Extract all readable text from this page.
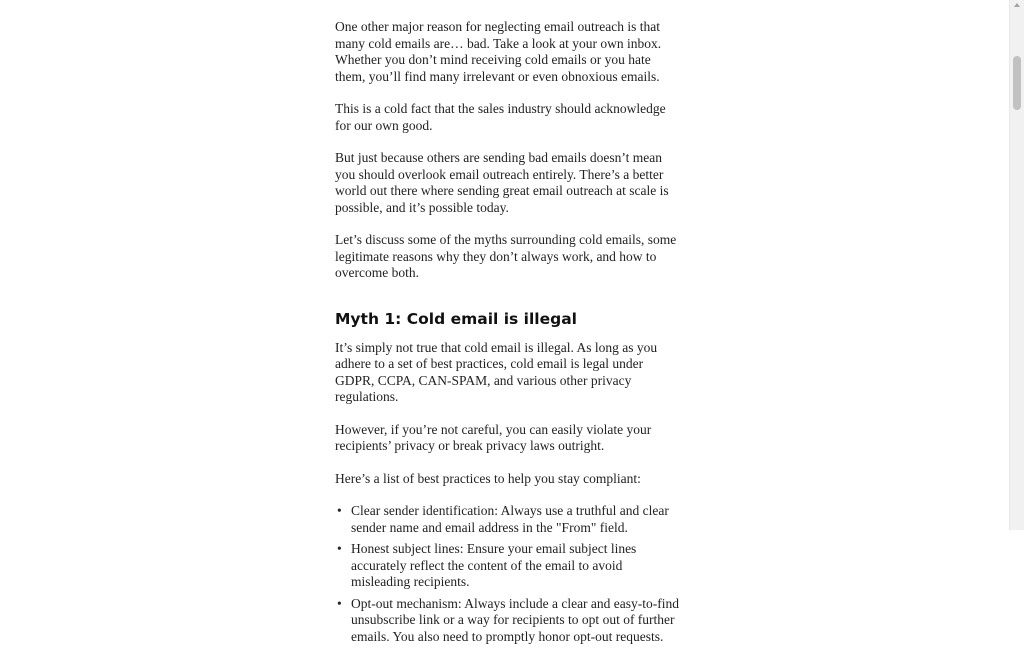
One other major reason for neglecting email outreach is that many cold emails are… bad. Take a look at your own inbox. Whether you don’t mind receiving cold emails or you hate them, you’ll find many irrelevant or even obnoxious emails.

This is a cold fact that the sales industry should acknowledge for our own good.

But just because others are sending bad emails doesn’t mean you should overlook email outreach entirely. There’s a better world out there where sending great email outreach at scale is possible, and it’s possible today.

Let’s discuss some of the myths surrounding cold emails, some legitimate reasons why they don’t always work, and how to overcome both.

Myth 1: Cold email is illegal

It’s simply not true that cold email is illegal. As long as you adhere to a set of best practices, cold email is legal under GDPR, CCPA, CAN-SPAM, and various other privacy regulations.

However, if you’re not careful, you can easily violate your recipients’ privacy or break privacy laws outright.

Here’s a list of best practices to help you stay compliant:

• Clear sender identification: Always use a truthful and clear sender name and email address in the "From" field.
• Honest subject lines: Ensure your email subject lines accurately reflect the content of the email to avoid misleading recipients.
• Opt-out mechanism: Always include a clear and easy-to-find unsubscribe link or a way for recipients to opt out of further emails. You also need to promptly honor opt-out requests.
